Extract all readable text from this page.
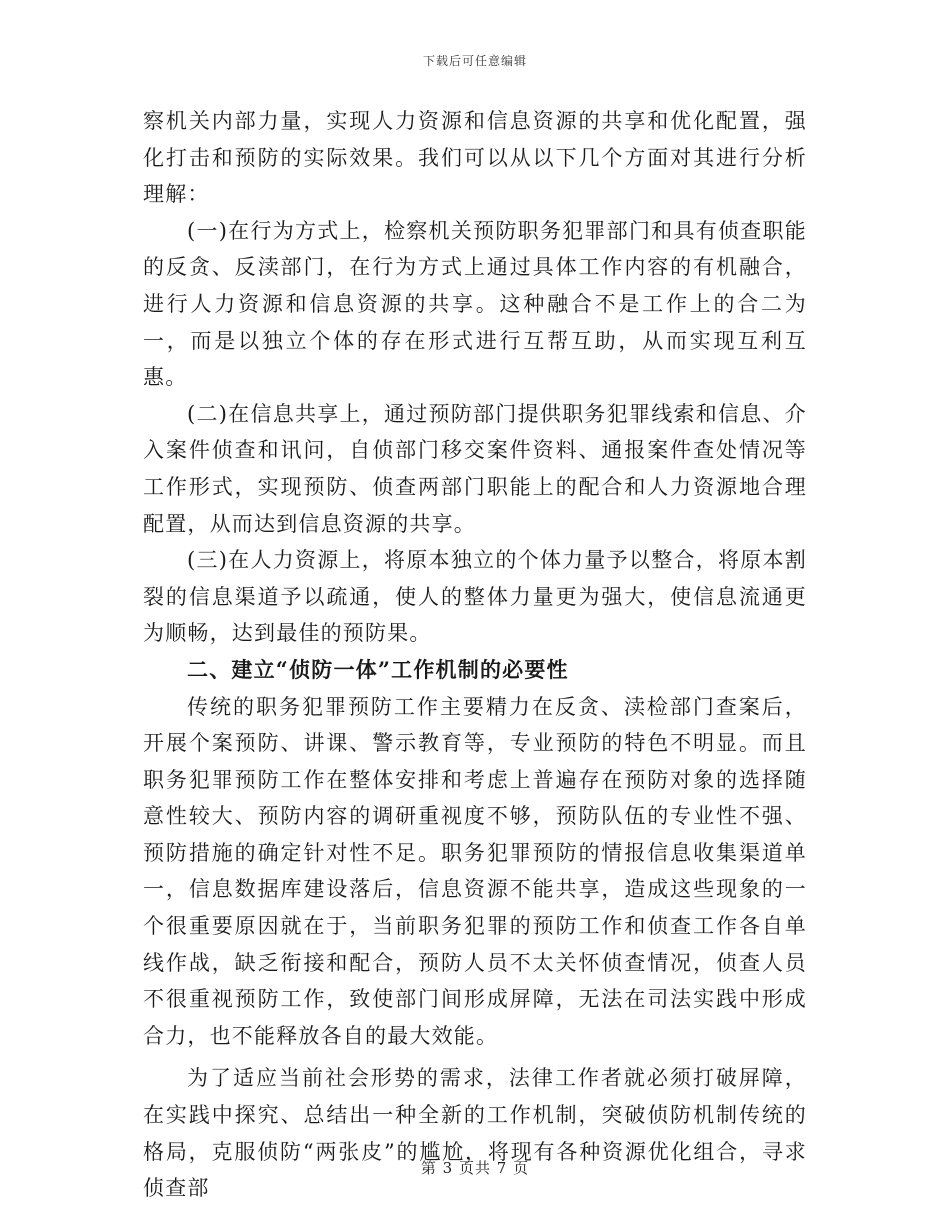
下载后可任意编辑

察机关内部力量，实现人力资源和信息资源的共享和优化配置，强化打击和预防的实际效果。我们可以从以下几个方面对其进行分析理解：

(一)在行为方式上，检察机关预防职务犯罪部门和具有侦查职能的反贪、反渎部门，在行为方式上通过具体工作内容的有机融合，进行人力资源和信息资源的共享。这种融合不是工作上的合二为一，而是以独立个体的存在形式进行互帮互助，从而实现互利互惠。

(二)在信息共享上，通过预防部门提供职务犯罪线索和信息、介入案件侦查和讯问，自侦部门移交案件资料、通报案件查处情况等工作形式，实现预防、侦查两部门职能上的配合和人力资源地合理配置，从而达到信息资源的共享。

(三)在人力资源上，将原本独立的个体力量予以整合，将原本割裂的信息渠道予以疏通，使人的整体力量更为强大，使信息流通更为顺畅，达到最佳的预防果。

二、建立“侦防一体”工作机制的必要性

传统的职务犯罪预防工作主要精力在反贪、渎检部门查案后，开展个案预防、讲课、警示教育等，专业预防的特色不明显。而且职务犯罪预防工作在整体安排和考虑上普遍存在预防对象的选择随意性较大、预防内容的调研重视度不够，预防队伍的专业性不强、预防措施的确定针对性不足。职务犯罪预防的情报信息收集渠道单一，信息数据库建设落后，信息资源不能共享，造成这些现象的一个很重要原因就在于，当前职务犯罪的预防工作和侦查工作各自单线作战，缺乏衔接和配合，预防人员不太关怀侦查情况，侦查人员不很重视预防工作，致使部门间形成屏障，无法在司法实践中形成合力，也不能释放各自的最大效能。

为了适应当前社会形势的需求，法律工作者就必须打破屏障，在实践中探究、总结出一种全新的工作机制，突破侦防机制传统的格局，克服侦防“两张皮”的尴尬，将现有各种资源优化组合，寻求侦查部

第 3 页共 7 页
